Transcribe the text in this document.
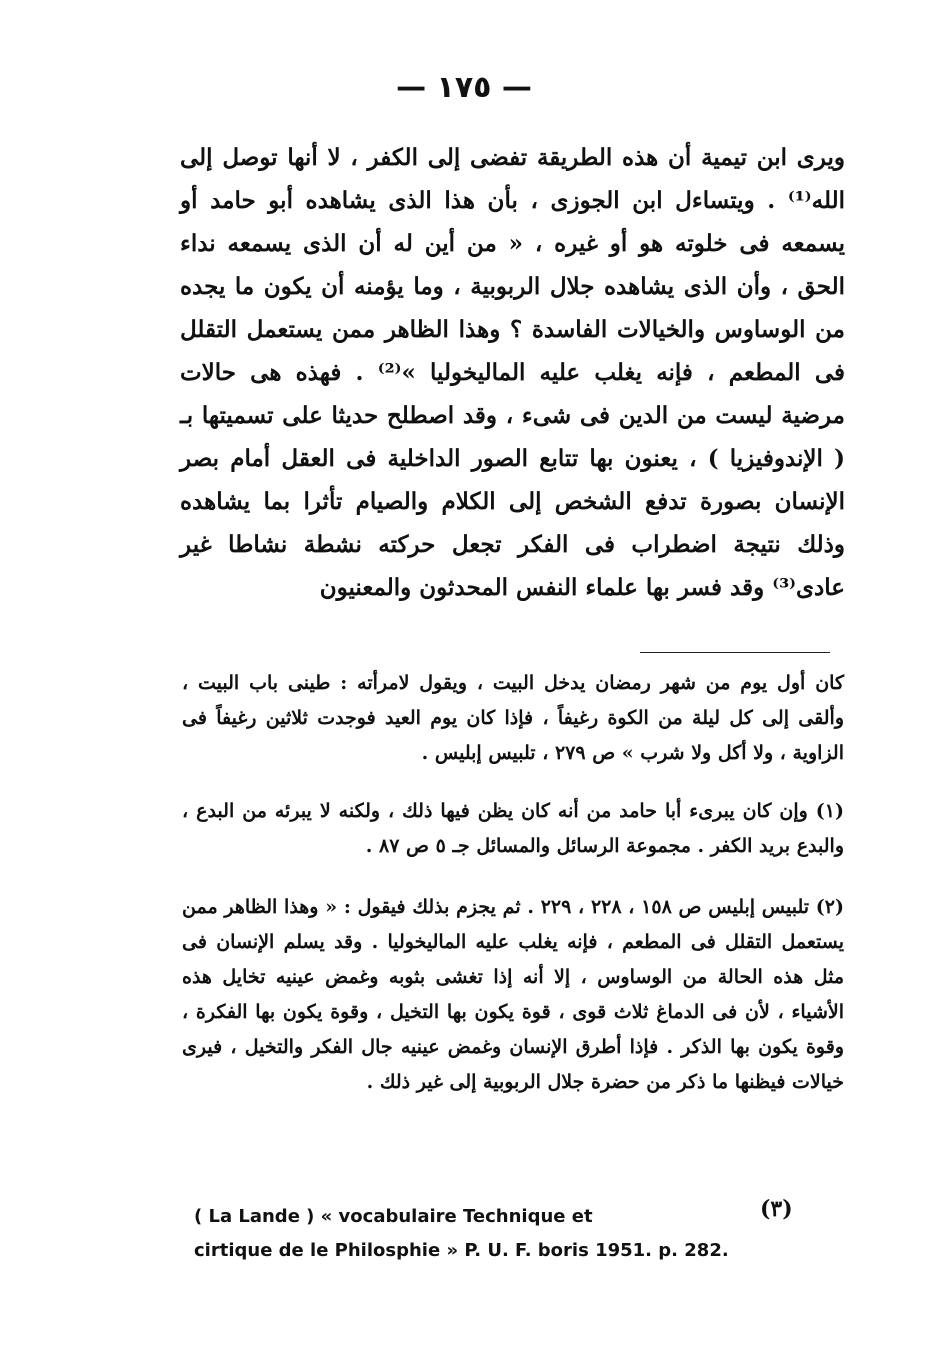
— ١٧٥ —

ويرى ابن تيمية أن هذه الطريقة تفضى إلى الكفر ، لا أنها توصل إلى الله⁽¹⁾ . ويتساءل ابن الجوزى ، بأن هذا الذى يشاهده أبو حامد أو يسمعه فى خلوته هو أو غيره ، « من أين له أن الذى يسمعه نداء الحق ، وأن الذى يشاهده جلال الربوبية ، وما يؤمنه أن يكون ما يجده من الوساوس والخيالات الفاسدة ؟ وهذا الظاهر ممن يستعمل التقلل فى المطعم ، فإنه يغلب عليه الماليخوليا »⁽²⁾ . فهذه هى حالات مرضية ليست من الدين فى شىء ، وقد اصطلح حديثا على تسميتها بـ ( الإندوفيزيا ) ، يعنون بها تتابع الصور الداخلية فى العقل أمام بصر الإنسان بصورة تدفع الشخص إلى الكلام والصيام تأثرا بما يشاهده وذلك نتيجة اضطراب فى الفكر تجعل حركته نشطة نشاطا غير عادى⁽³⁾ وقد فسر بها علماء النفس المحدثون والمعنيون

كان أول يوم من شهر رمضان يدخل البيت ، ويقول لامرأته : طينى باب البيت ، وألقى إلى كل ليلة من الكوة رغيفاً ، فإذا كان يوم العيد فوجدت ثلاثين رغيفاً فى الزاوية ، ولا أكل ولا شرب » ص ٢٧٩ ، تلبيس إبليس .

(١) وإن كان يبرىء أبا حامد من أنه كان يظن فيها ذلك ، ولكنه لا يبرئه من البدع ، والبدع بريد الكفر . مجموعة الرسائل والمسائل جـ ٥ ص ٨٧ .

(٢) تلبيس إبليس ص ١٥٨ ، ٢٢٨ ، ٢٢٩ . ثم يجزم بذلك فيقول : « وهذا الظاهر ممن يستعمل التقلل فى المطعم ، فإنه يغلب عليه الماليخوليا . وقد يسلم الإنسان فى مثل هذه الحالة من الوساوس ، إلا أنه إذا تغشى بثوبه وغمض عينيه تخايل هذه الأشياء ، لأن فى الدماغ ثلاث قوى ، قوة يكون بها التخيل ، وقوة يكون بها الفكرة ، وقوة يكون بها الذكر . فإذا أطرق الإنسان وغمض عينيه جال الفكر والتخيل ، فيرى خيالات فيظنها ما ذكر من حضرة جلال الربوبية إلى غير ذلك .

(٣)
( La Lande ) « vocabulaire Technique et
cirtique de le Philosphie » P. U. F. boris 1951. p. 282.
